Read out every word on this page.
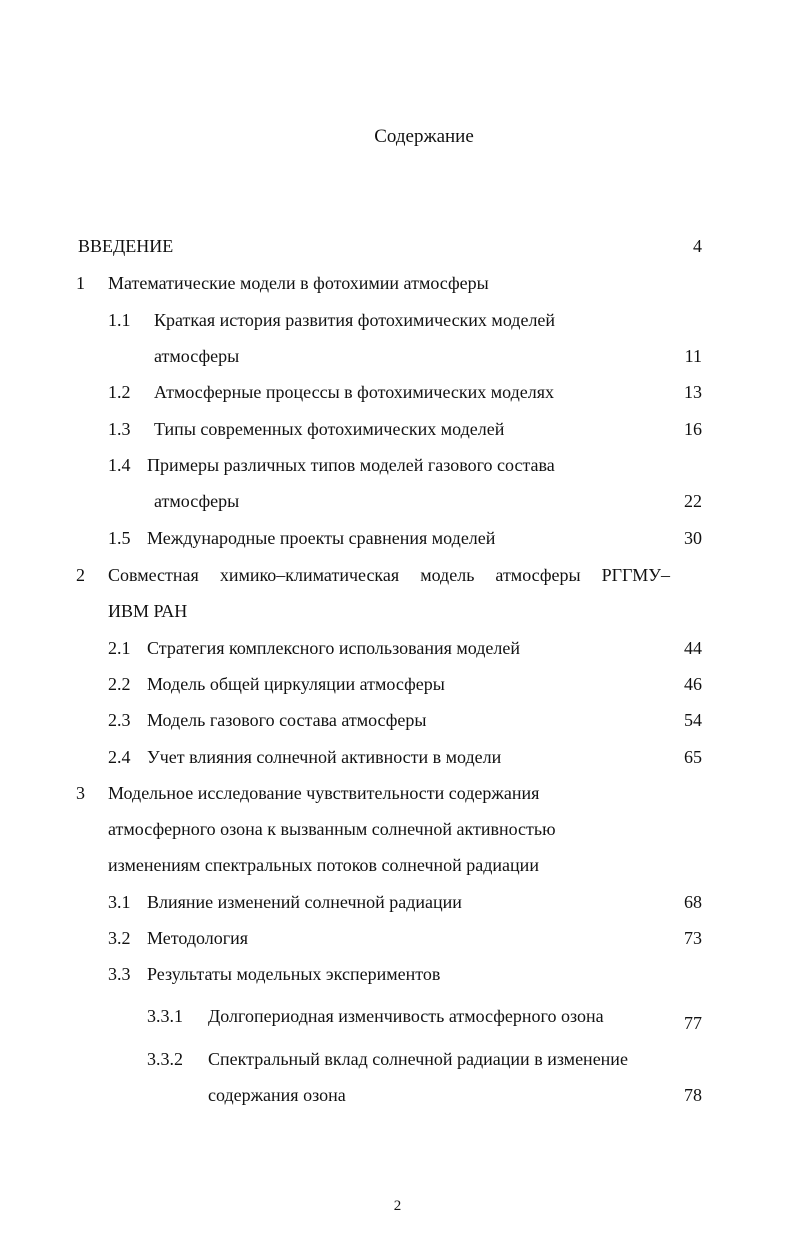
Содержание
ВВЕДЕНИЕ	4
1 Математические модели в фотохимии атмосферы
1.1 Краткая история развития фотохимических моделей
атмосферы	11
1.2 Атмосферные процессы в фотохимических моделях	13
1.3 Типы современных фотохимических моделей	16
1.4 Примеры различных типов моделей газового состава
атмосферы	22
1.5 Международные проекты сравнения моделей	30
2 Совместная химико–климатическая модель атмосферы РГГМУ–
ИВМ РАН
2.1 Стратегия комплексного использования моделей	44
2.2 Модель общей циркуляции атмосферы	46
2.3 Модель газового состава атмосферы	54
2.4 Учет влияния солнечной активности в модели	65
3 Модельное исследование чувствительности содержания
атмосферного озона к вызванным солнечной активностью
изменениям спектральных потоков солнечной радиации
3.1 Влияние изменений солнечной радиации	68
3.2 Методология	73
3.3 Результаты модельных экспериментов
3.3.1 Долгопериодная изменчивость атмосферного озона	77
3.3.2 Спектральный вклад солнечной радиации в изменение
содержания озона	78
2
